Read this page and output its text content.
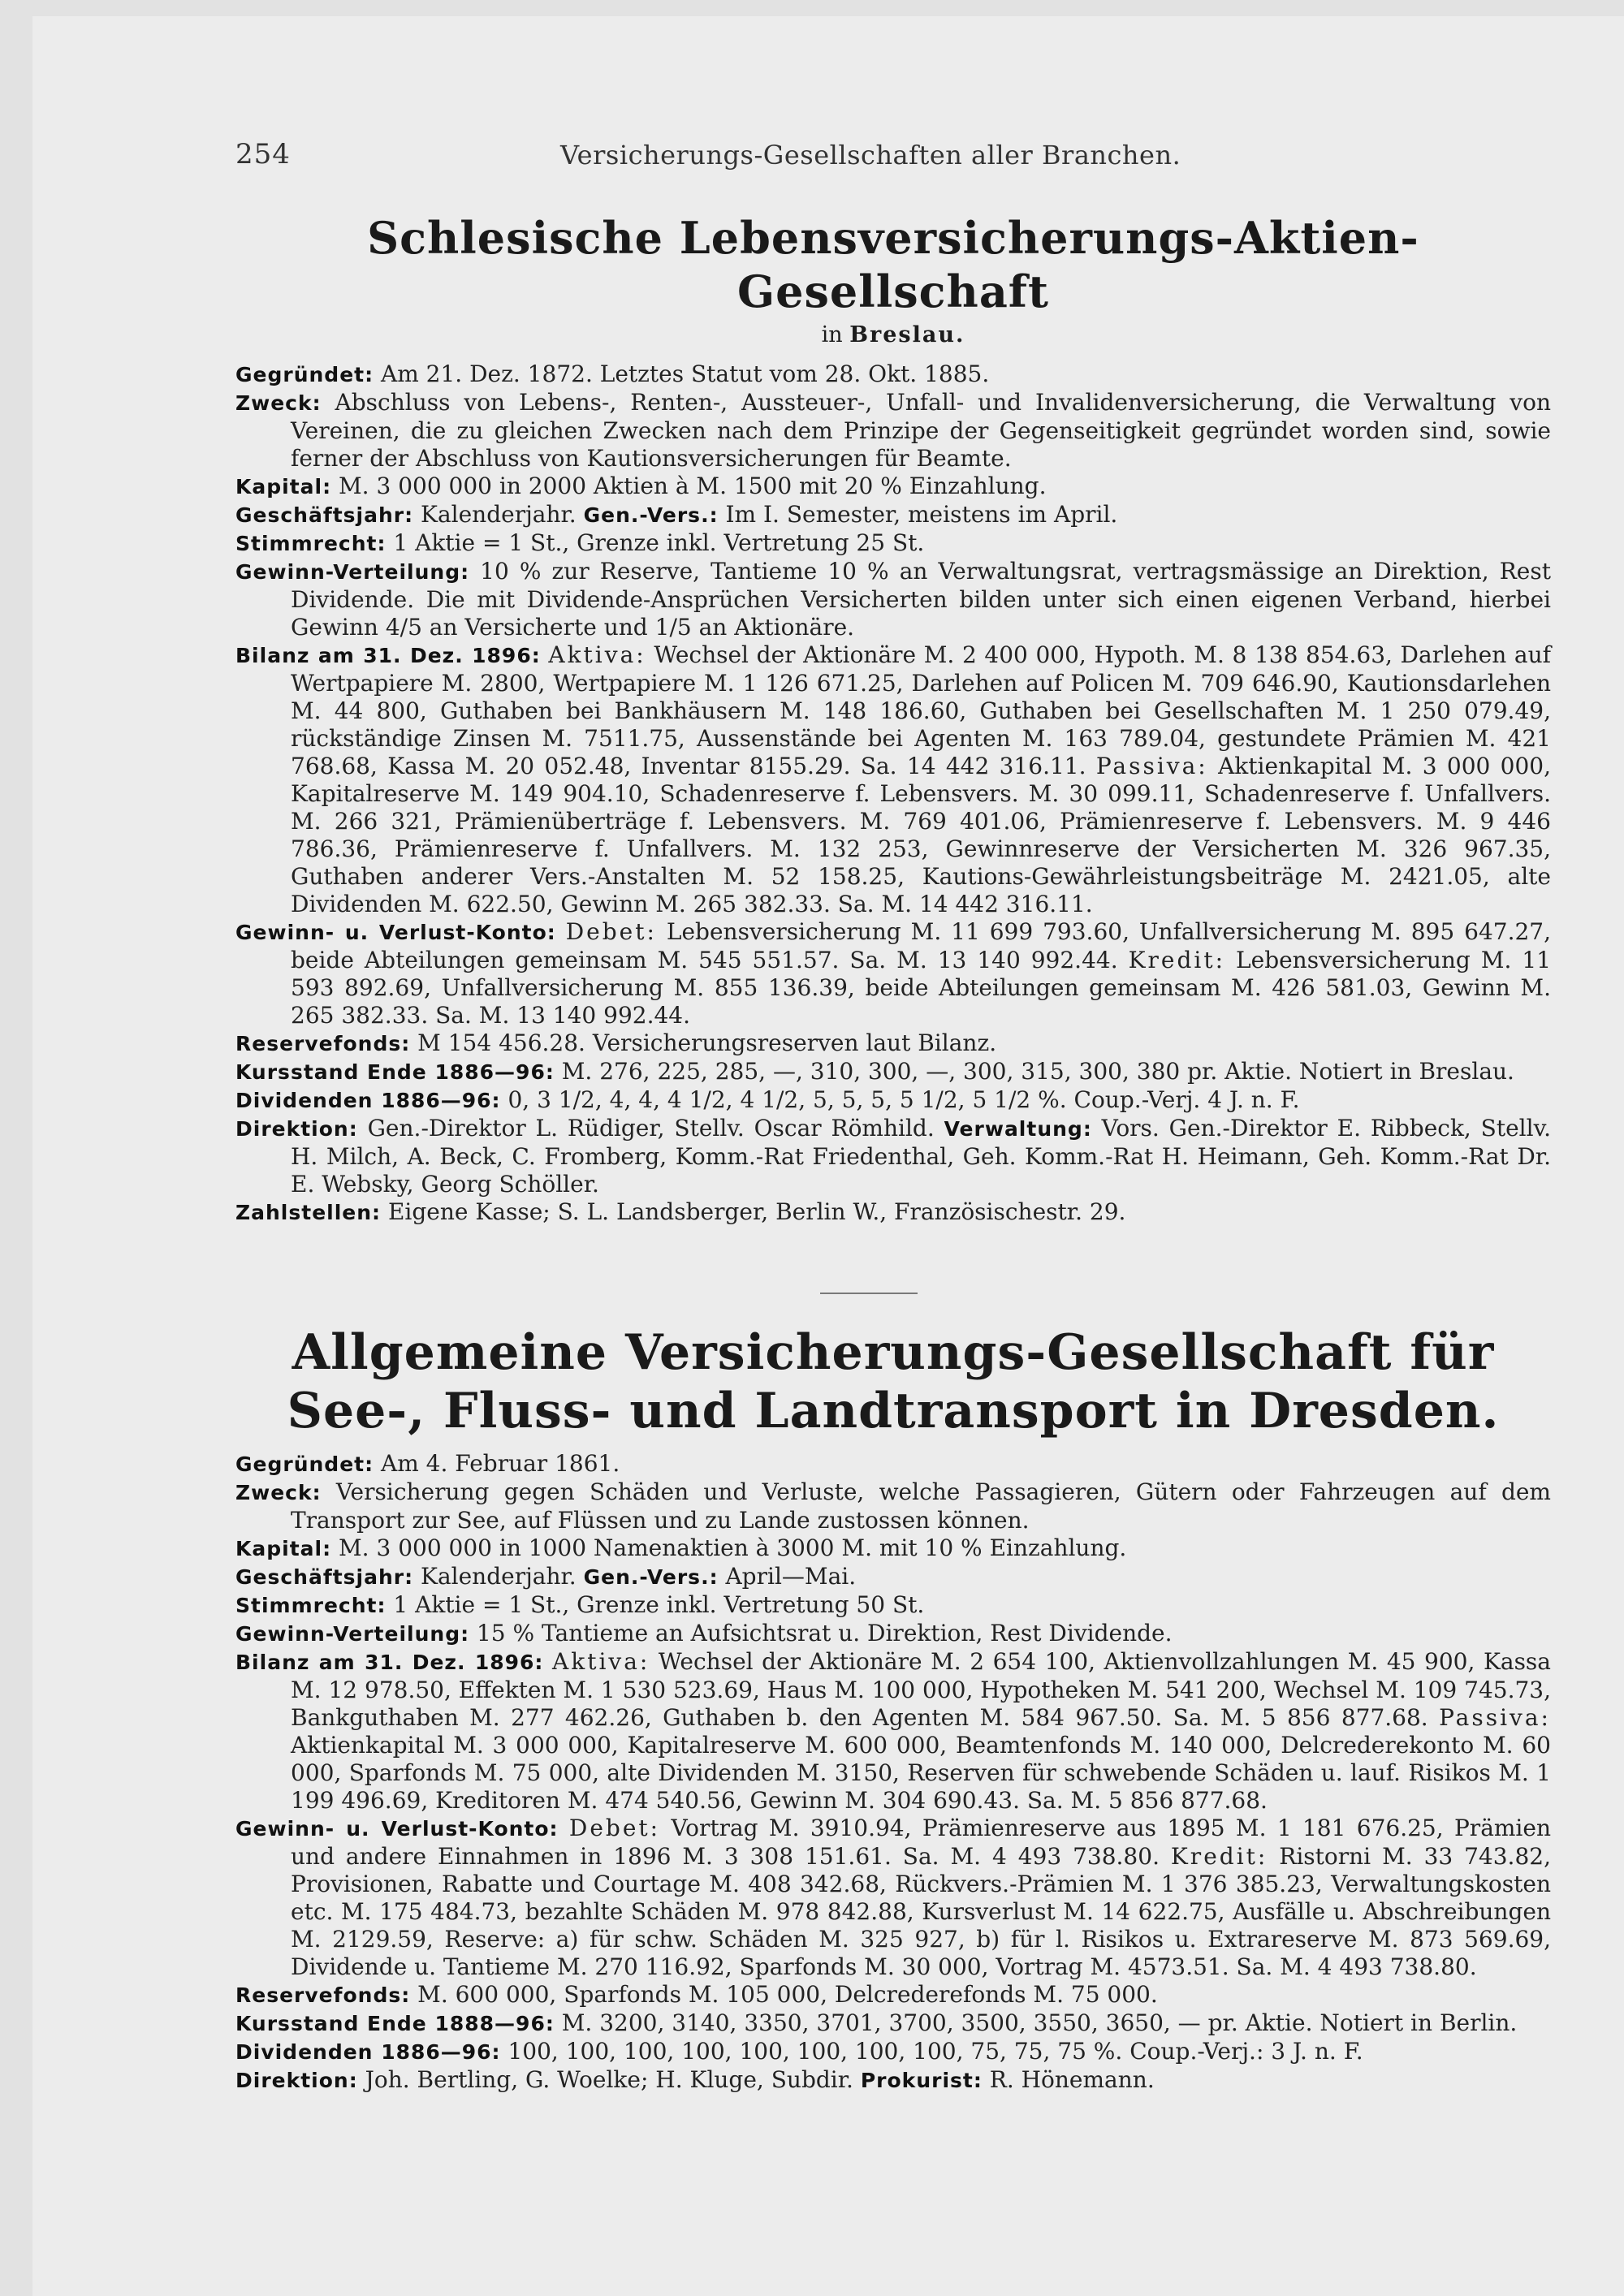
254	Versicherungs-Gesellschaften aller Branchen.
Schlesische Lebensversicherungs-Aktien-Gesellschaft
in Breslau.

Gegründet: Am 21. Dez. 1872. Letztes Statut vom 28. Okt. 1885.

Zweck: Abschluss von Lebens-, Renten-, Aussteuer-, Unfall- und Invalidenversicherung, die Verwaltung von Vereinen, die zu gleichen Zwecken nach dem Prinzipe der Gegenseitigkeit gegründet worden sind, sowie ferner der Abschluss von Kautionsversicherungen für Beamte.

Kapital: M. 3 000 000 in 2000 Aktien à M. 1500 mit 20 % Einzahlung.

Geschäftsjahr: Kalenderjahr. Gen.-Vers.: Im I. Semester, meistens im April.

Stimmrecht: 1 Aktie = 1 St., Grenze inkl. Vertretung 25 St.

Gewinn-Verteilung: 10 % zur Reserve, Tantieme 10 % an Verwaltungsrat, vertragsmässige an Direktion, Rest Dividende. Die mit Dividende-Ansprüchen Versicherten bilden unter sich einen eigenen Verband, hierbei Gewinn 4/5 an Versicherte und 1/5 an Aktionäre.

Bilanz am 31. Dez. 1896: Aktiva: Wechsel der Aktionäre M. 2 400 000, Hypoth. M. 8 138 854.63, Darlehen auf Wertpapiere M. 2800, Wertpapiere M. 1 126 671.25, Darlehen auf Policen M. 709 646.90, Kautionsdarlehen M. 44 800, Guthaben bei Bankhäusern M. 148 186.60, Guthaben bei Gesellschaften M. 1 250 079.49, rückständige Zinsen M. 7511.75, Aussenstände bei Agenten M. 163 789.04, gestundete Prämien M. 421 768.68, Kassa M. 20 052.48, Inventar 8155.29. Sa. 14 442 316.11. Passiva: Aktienkapital M. 3 000 000, Kapitalreserve M. 149 904.10, Schadenreserve f. Lebensvers. M. 30 099.11, Schadenreserve f. Unfallvers. M. 266 321, Prämienüberträge f. Lebensvers. M. 769 401.06, Prämienreserve f. Lebensvers. M. 9 446 786.36, Prämienreserve f. Unfallvers. M. 132 253, Gewinnreserve der Versicherten M. 326 967.35, Guthaben anderer Vers.-Anstalten M. 52 158.25, Kautions-Gewährleistungsbeiträge M. 2421.05, alte Dividenden M. 622.50, Gewinn M. 265 382.33. Sa. M. 14 442 316.11.

Gewinn- u. Verlust-Konto: Debet: Lebensversicherung M. 11 699 793.60, Unfallversicherung M. 895 647.27, beide Abteilungen gemeinsam M. 545 551.57. Sa. M. 13 140 992.44. Kredit: Lebensversicherung M. 11 593 892.69, Unfallversicherung M. 855 136.39, beide Abteilungen gemeinsam M. 426 581.03, Gewinn M. 265 382.33. Sa. M. 13 140 992.44.

Reservefonds: M 154 456.28. Versicherungsreserven laut Bilanz.

Kursstand Ende 1886—96: M. 276, 225, 285, —, 310, 300, —, 300, 315, 300, 380 pr. Aktie. Notiert in Breslau.

Dividenden 1886—96: 0, 3 1/2, 4, 4, 4 1/2, 4 1/2, 5, 5, 5, 5 1/2, 5 1/2 %. Coup.-Verj. 4 J. n. F.

Direktion: Gen.-Direktor L. Rüdiger, Stellv. Oscar Römhild. Verwaltung: Vors. Gen.-Direktor E. Ribbeck, Stellv. H. Milch, A. Beck, C. Fromberg, Komm.-Rat Friedenthal, Geh. Komm.-Rat H. Heimann, Geh. Komm.-Rat Dr. E. Websky, Georg Schöller.

Zahlstellen: Eigene Kasse; S. L. Landsberger, Berlin W., Französischestr. 29.

Allgemeine Versicherungs-Gesellschaft für See-, Fluss- und Landtransport in Dresden.

Gegründet: Am 4. Februar 1861.

Zweck: Versicherung gegen Schäden und Verluste, welche Passagieren, Gütern oder Fahrzeugen auf dem Transport zur See, auf Flüssen und zu Lande zustossen können.

Kapital: M. 3 000 000 in 1000 Namenaktien à 3000 M. mit 10 % Einzahlung.

Geschäftsjahr: Kalenderjahr. Gen.-Vers.: April—Mai.

Stimmrecht: 1 Aktie = 1 St., Grenze inkl. Vertretung 50 St.

Gewinn-Verteilung: 15 % Tantieme an Aufsichtsrat u. Direktion, Rest Dividende.

Bilanz am 31. Dez. 1896: Aktiva: Wechsel der Aktionäre M. 2 654 100, Aktienvollzahlungen M. 45 900, Kassa M. 12 978.50, Effekten M. 1 530 523.69, Haus M. 100 000, Hypotheken M. 541 200, Wechsel M. 109 745.73, Bankguthaben M. 277 462.26, Guthaben b. den Agenten M. 584 967.50. Sa. M. 5 856 877.68. Passiva: Aktienkapital M. 3 000 000, Kapitalreserve M. 600 000, Beamtenfonds M. 140 000, Delcrederekonto M. 60 000, Sparfonds M. 75 000, alte Dividenden M. 3150, Reserven für schwebende Schäden u. lauf. Risikos M. 1 199 496.69, Kreditoren M. 474 540.56, Gewinn M. 304 690.43. Sa. M. 5 856 877.68.

Gewinn- u. Verlust-Konto: Debet: Vortrag M. 3910.94, Prämienreserve aus 1895 M. 1 181 676.25, Prämien und andere Einnahmen in 1896 M. 3 308 151.61. Sa. M. 4 493 738.80. Kredit: Ristorni M. 33 743.82, Provisionen, Rabatte und Courtage M. 408 342.68, Rückvers.-Prämien M. 1 376 385.23, Verwaltungskosten etc. M. 175 484.73, bezahlte Schäden M. 978 842.88, Kursverlust M. 14 622.75, Ausfälle u. Abschreibungen M. 2129.59, Reserve: a) für schw. Schäden M. 325 927, b) für l. Risikos u. Extrareserve M. 873 569.69, Dividende u. Tantieme M. 270 116.92, Sparfonds M. 30 000, Vortrag M. 4573.51. Sa. M. 4 493 738.80.

Reservefonds: M. 600 000, Sparfonds M. 105 000, Delcrederefonds M. 75 000.

Kursstand Ende 1888—96: M. 3200, 3140, 3350, 3701, 3700, 3500, 3550, 3650, — pr. Aktie. Notiert in Berlin.

Dividenden 1886—96: 100, 100, 100, 100, 100, 100, 100, 100, 75, 75, 75 %. Coup.-Verj.: 3 J. n. F.

Direktion: Joh. Bertling, G. Woelke; H. Kluge, Subdir. Prokurist: R. Hönemann.
